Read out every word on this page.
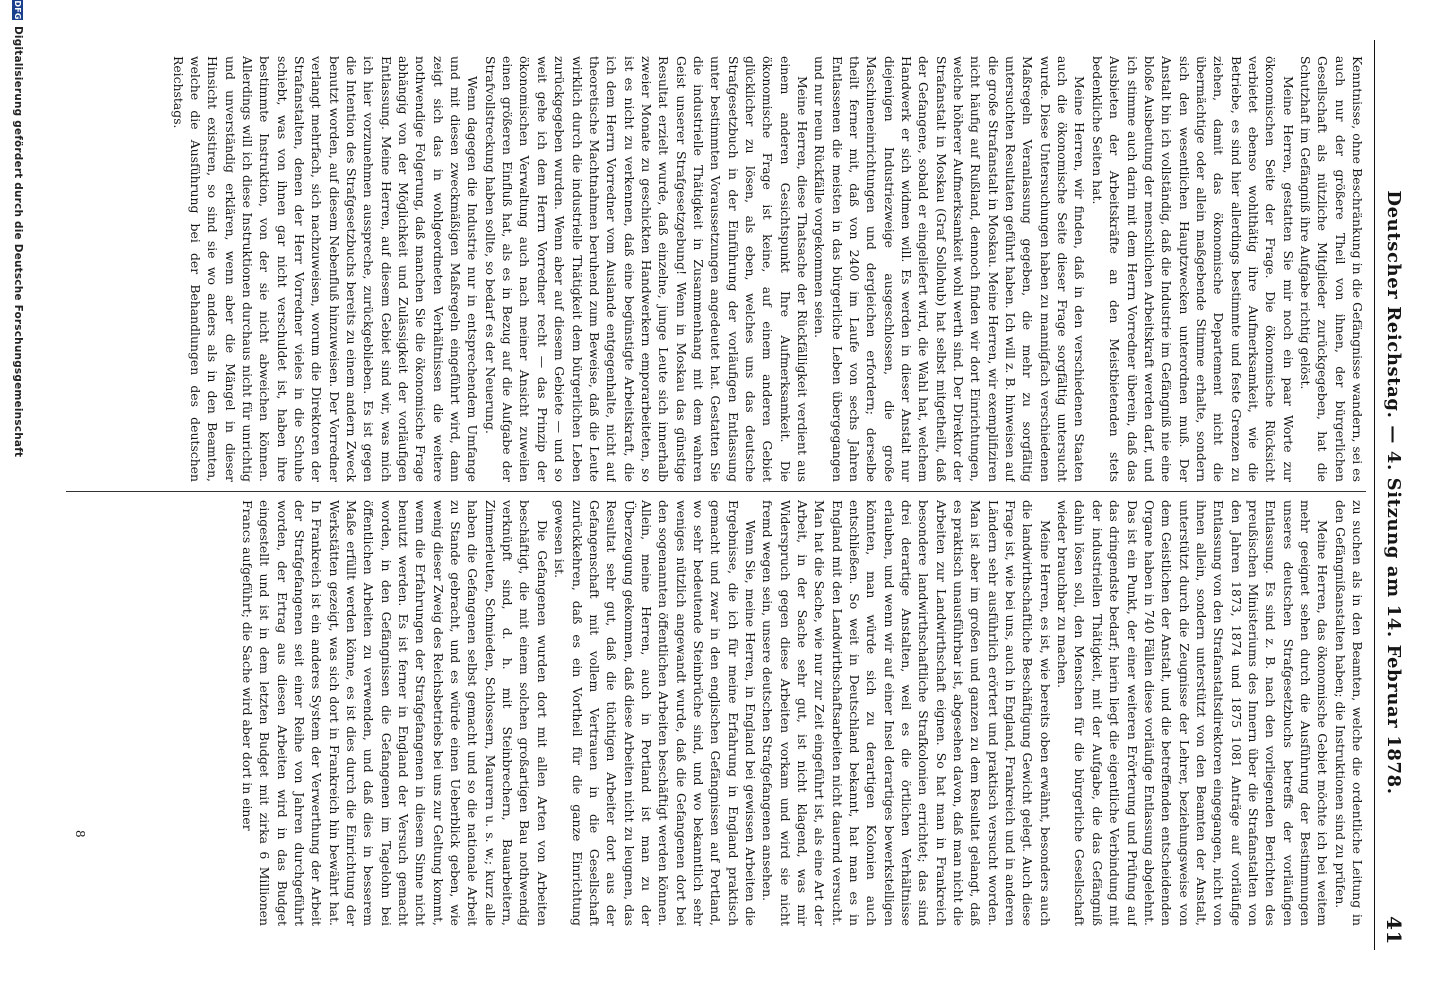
Deutscher Reichstag. — 4. Sitzung am 14. Februar 1878.
41

Kenntnisse, ohne Beschränkung in die Gefängnisse wandern, sei es auch nur der größere Theil von ihnen, der bürgerlichen Gesellschaft als nützliche Mitglieder zurückgegeben, hat die Schutzhaft im Gefängniß ihre Aufgabe richtig gelöst.

Meine Herren, gestatten Sie mir noch ein paar Worte zur ökonomischen Seite der Frage. Die ökonomische Rücksicht verbietet ebenso wohlthätig ihre Aufmerksamkeit, wie die Betriebe, es sind hier allerdings bestimmte und feste Grenzen zu ziehen, damit das ökonomische Departement nicht die übermächtige oder allein maßgebende Stimme erhalte, sondern sich den wesentlichen Hauptzwecken unterordnen muß. Der Anstalt bin ich vollständig, daß die Industrie im Gefängniß nie eine bloße Ausbeutung der menschlichen Arbeitskraft werden darf, und ich stimme auch darin mit dem Herrn Vorredner überein, daß das Ausbieten der Arbeitskräfte an den Meistbietenden stets bedenkliche Seiten hat.

Meine Herren, wir finden, daß in den verschiedenen Staaten auch die ökonomische Seite dieser Frage sorgfältig untersucht wurde. Diese Untersuchungen haben zu mannigfach verschiedenen Maßregeln Veranlassung gegeben, die mehr zu sorgfältig untersuchten Resultaten geführt haben. Ich will z. B. hinweisen auf die große Strafanstalt in Moskau. Meine Herren, wir exemplifiziren nicht häufig auf Rußland, dennoch finden wir dort Einrichtungen, welche höherer Aufmerksamkeit wohl werth sind. Der Direktor der Strafanstalt in Moskau (Graf Sollohub) hat selbst mitgetheilt, daß der Gefangene, sobald er eingeliefert wird, die Wahl hat, welchem Handwerk er sich widmen will. Es werden in dieser Anstalt nur diejenigen Industriezweige ausgeschlossen, die große Maschineneinrichtungen und dergleichen erfordern; derselbe theilt ferner mit, daß von 2400 im Laufe von sechs Jahren Entlassenen die meisten in das bürgerliche Leben übergegangen und nur neun Rückfälle vorgekommen seien.

Meine Herren, diese Thatsache der Rückfälligkeit verdient aus einem anderen Gesichtspunkt Ihre Aufmerksamkeit. Die ökonomische Frage ist keine, auf einem anderen Gebiet glücklicher zu lösen, als eben, welches uns das deutsche Strafgesetzbuch in der Einführung der vorläufigen Entlassung unter bestimmten Voraussetzungen angedeutet hat. Gestatten Sie die industrielle Thätigkeit in Zusammenhang mit dem wahren Geist unserer Strafgesetzgebung! Wenn in Moskau das günstige Resultat erzielt wurde, daß einzelne, junge Leute sich innerhalb zweier Monate zu geschickten Handwerkern emporarbeiteten, so ist es nicht zu verkennen, daß eine begünstigte Arbeitskraft, die ich dem Herrn Vorredner vom Auslande entgegenhalte, nicht auf theoretische Machtnahmen beruhend zum Beweise, daß die Leute wirklich durch die industrielle Thätigkeit dem bürgerlichen Leben zurückgegeben wurden. Wenn aber auf diesem Gebiete — und so weit gehe ich dem Herrn Vorredner recht — das Prinzip der ökonomischen Verwaltung auch nach meiner Ansicht zuweilen einen größeren Einfluß hat, als es in Bezug auf die Aufgabe der Strafvollstreckung haben sollte, so bedarf es der Neuerung.

Wenn dagegen die Industrie nur in entsprechendem Umfange und mit diesen zweckmäßigen Maßregeln eingeführt wird, dann zeigt sich das in wohlgeordneten Verhältnissen die weitere nothwendige Folgerung, daß manchen Sie die ökonomische Frage abhängig von der Möglichkeit und Zulässigkeit der vorläufigen Entlassung. Meine Herren, auf diesem Gebiet sind wir, was mich ich hier vorzunehmen ausspreche, zurückgeblieben. Es ist gegen die Intention des Strafgesetzbuchs bereits zu einem andern Zweck benutzt worden, auf diesem Nebenfluß hinzuweisen. Der Vorredner verlangt mehrfach, sich nachzuweisen, worum die Direktoren der Strafanstalten, denen der Herr Vorredner vieles in die Schuhe schiebt, was von ihnen gar nicht verschuldet ist, haben ihre bestimmte Instruktion, von der sie nicht abweichen können. Allerdings will ich diese Instruktionen durchaus nicht für unrichtig und unverständig erklären, wenn aber die Mängel in dieser Hinsicht existiren, so sind sie wo anders als in den Beamten, welche die Ausführung bei der Behandlungen des deutschen Reichstags.

zu suchen als in den Beamten, welche die ordentliche Leitung in den Gefängnißanstalten haben; die Instruktionen sind zu prüfen.

Meine Herren, das ökonomische Gebiet möchte ich bei weitem mehr geeignet sehen durch die Ausführung der Bestimmungen unseres deutschen Strafgesetzbuchs betreffs der vorläufigen Entlassung. Es sind z. B. nach den vorliegenden Berichten des preußischen Ministeriums des Innern über die Strafanstalten von den Jahren 1873, 1874 und 1875 1081 Anträge auf vorläufige Entlassung von den Strafanstaltsdirektoren eingegangen, nicht von ihnen allein, sondern unterstützt von den Beamten der Anstalt, unterstützt durch die Zeugnisse der Lehrer, beziehungsweise von dem Geistlichen der Anstalt, und die betreffenden entscheidenden Organe haben in 740 Fällen diese vorläufige Entlassung abgelehnt. Das ist ein Punkt, der einer weiteren Erörterung und Prüfung auf das dringendste bedarf; hierin liegt die eigentliche Verbindung mit der industriellen Thätigkeit, mit der Aufgabe, die das Gefängniß dahin lösen soll, den Menschen für die bürgerliche Gesellschaft wieder brauchbar zu machen.

Meine Herren, es ist, wie bereits oben erwähnt, besonders auch die landwirthschaftliche Beschäftigung Gewicht gelegt. Auch diese Frage ist, wie bei uns, auch in England, Frankreich und in anderen Ländern sehr ausführlich erörtert und praktisch versucht worden. Man ist aber im großen und ganzen zu dem Resultat gelangt, daß es praktisch unausführbar ist, abgesehen davon, daß man nicht die Arbeiten zur Landwirthschaft eignen. So hat man in Frankreich besondere landwirthschaftliche Strafkolonien errichtet; das sind drei derartige Anstalten, weil es die örtlichen Verhältnisse erlauben, und wenn wir auf einer Insel derartiges bewerkstelligen könnten, man würde sich zu derartigen Kolonien auch entschließen. So weit in Deutschland bekannt, hat man es in England mit den Landwirthschaftsarbeiten nicht dauernd versucht. Man hat die Sache, wie nur zur Zeit eingeführt ist, als eine Art der Arbeit, in der Sache sehr gut, ist nicht klagend, was mir Widerspruch gegen diese Arbeiten vorkam und wird sie nicht fremd wegen sein, unsere deutschen Strafgefangenen ansehen.

Wenn Sie, meine Herren, in England bei gewissen Arbeiten die Ergebnisse, die ich für meine Erfahrung in England praktisch gemacht und zwar in den englischen Gefängnissen auf Portland, wo sehr bedeutende Steinbrüche sind, und wo bekanntlich sehr weniges nützlich angewandt wurde, daß die Gefangenen dort bei den sogenannten öffentlichen Arbeiten beschäftigt werden können. Allein, meine Herren, auch in Portland ist man zu der Überzeugung gekommen, daß diese Arbeiten nicht zu leugnen, das Resultat sehr gut, daß die tüchtigen Arbeiter dort aus der Gefangenschaft mit vollem Vertrauen in die Gesellschaft zurückkehren, daß es ein Vortheil für die ganze Einrichtung gewesen ist.

Die Gefangenen wurden dort mit allen Arten von Arbeiten beschäftigt, die mit einem solchen großartigen Bau nothwendig verknüpft sind, d. h. mit Steinbrechern, Bauarbeitern, Zimmerleuten, Schmieden, Schlossern, Maurern u. s. w.; kurz alle haben die Gefangenen selbst gemacht und so die nationale Arbeit zu Stande gebracht, und es würde einen Ueberblick geben, wie wenig dieser Zweig des Reichsbetriebs bei uns zur Geltung kommt, wenn die Erfahrungen der Strafgefangenen in diesem Sinne nicht benutzt werden. Es ist ferner in England der Versuch gemacht worden, in den Gefängnissen die Gefangenen im Tagelohn bei öffentlichen Arbeiten zu verwenden, und daß dies in besserem Maße erfüllt werden könne, es ist dies durch die Einrichtung der Werkstätten gezeigt, was sich dort in Frankreich hin bewährt hat. In Frankreich ist ein anderes System der Verwerthung der Arbeit der Strafgefangenen seit einer Reihe von Jahren durchgeführt worden, der Ertrag aus diesen Arbeiten wird in das Budget eingestellt und ist in dem letzten Budget mit zirka 6 Millionen Francs aufgeführt; die Sache wird aber dort in einer

8
DFG
Digitalisierung gefördert durch die Deutsche Forschungsgemeinschaft
